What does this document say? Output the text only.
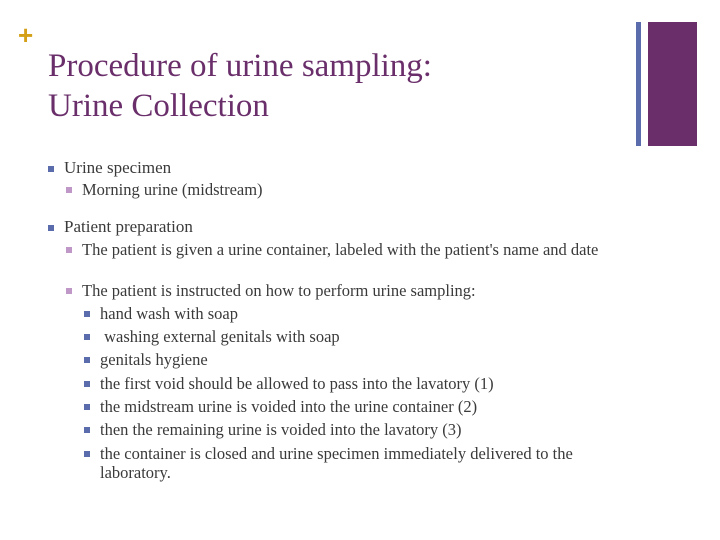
+
Procedure of urine sampling:
Urine Collection
Urine specimen
Morning urine (midstream)
Patient preparation
The patient is given a urine container, labeled with the patient's name and date
The patient is instructed on how to perform urine sampling:
hand wash with soap
washing external genitals with soap
genitals hygiene
the first void should be allowed to pass into the lavatory (1)
the midstream urine is voided into the urine container (2)
then the remaining urine is voided into the lavatory (3)
the container is closed and urine specimen immediately delivered to the laboratory.
